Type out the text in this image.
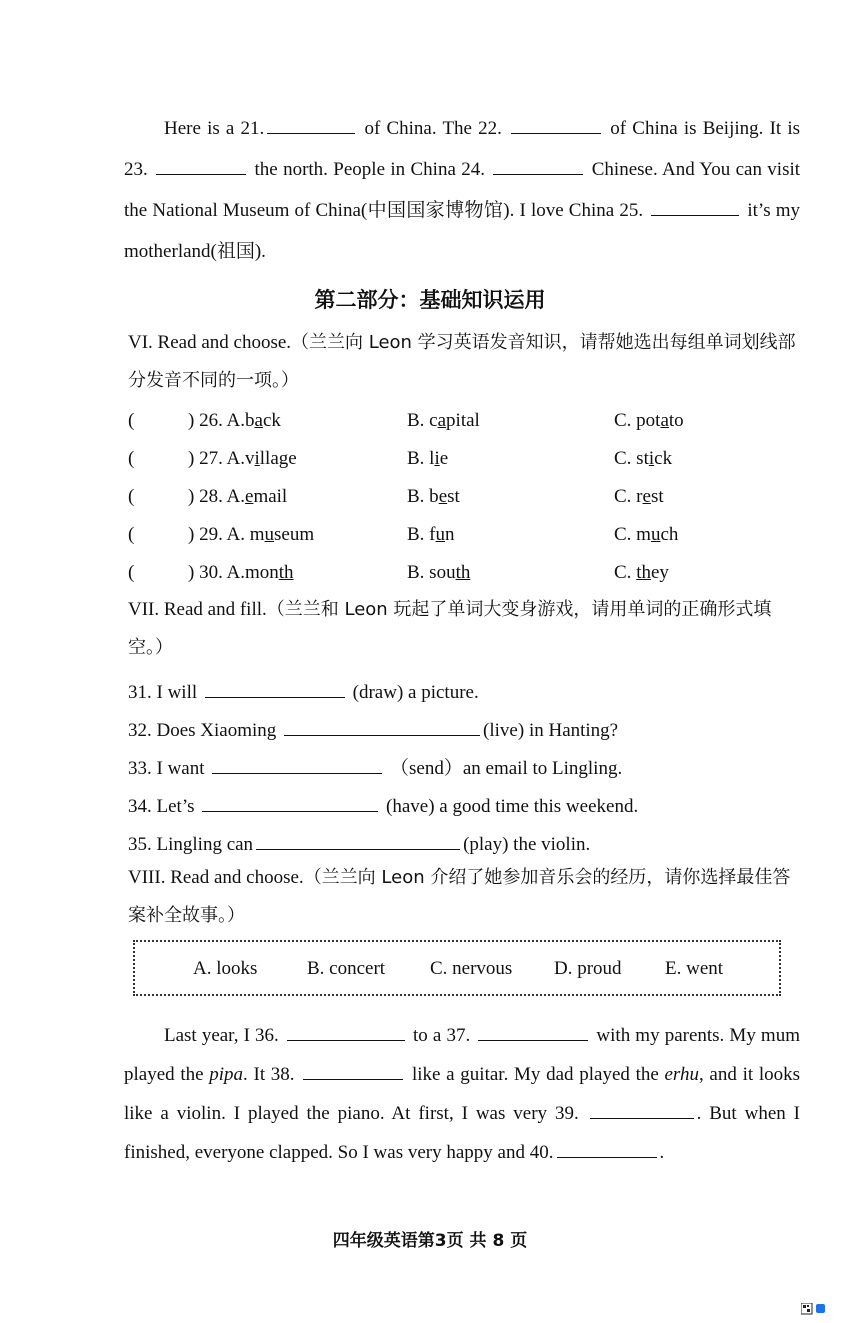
Here is a 21.	of China. The 22.	of China is Beijing. It is 23.	the north. People in China 24.	Chinese. And You can visit the National Museum of China(中国国家博物馆). I love China 25.	it’s my motherland(祖国).
第二部分：基础知识运用
VI. Read and choose.（兰兰向 Leon 学习英语发音知识，请帮她选出每组单词划线部分发音不同的一项。）
(	) 26. A.back	B. capital	C. potato
(	) 27. A.village	B. lie	C. stick
(	) 28. A.email	B. best	C. rest
(	) 29. A. museum	B. fun	C. much
(	) 30. A.month	B. south	C. they
VII. Read and fill.（兰兰和 Leon 玩起了单词大变身游戏，请用单词的正确形式填空。）
31. I will	(draw) a picture.
32. Does Xiaoming	(live) in Hanting?
33. I want	（send）an email to Lingling.
34. Let’s	(have) a good time this weekend.
35. Lingling can	(play) the violin.
VIII. Read and choose.（兰兰向 Leon 介绍了她参加音乐会的经历，请你选择最佳答案补全故事。）
A. looks	B. concert C. nervous D. proud E. went
Last year, I 36.	to a 37.	with my parents. My mum played the pipa. It 38.	like a guitar. My dad played the erhu, and it looks like a violin. I played the piano. At first, I was very 39.	. But when I finished, everyone clapped. So I was very happy and 40.	.
四年级英语第3页 共 8 页
